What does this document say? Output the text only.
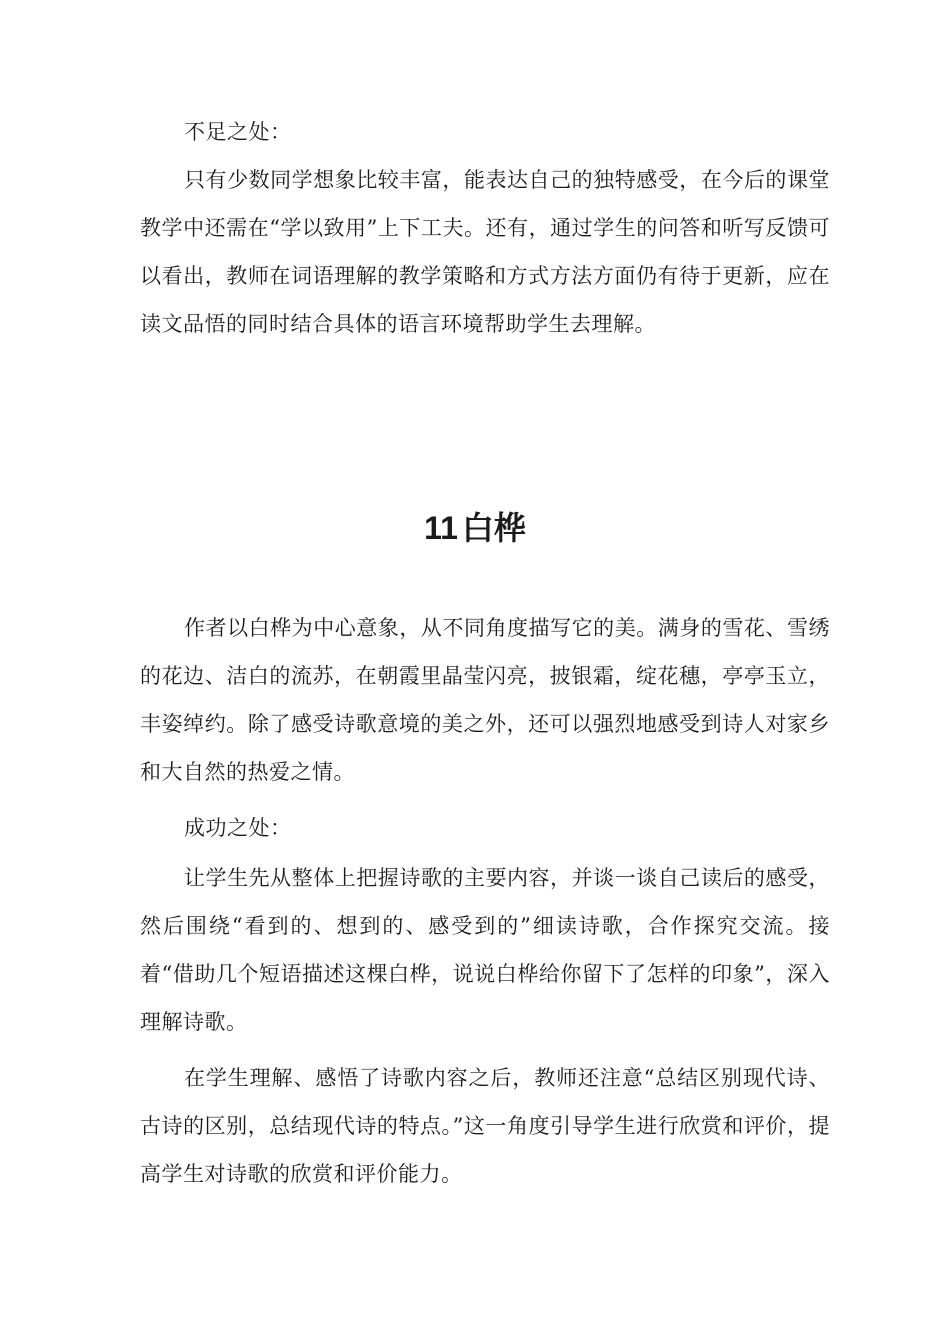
不足之处：

只有少数同学想象比较丰富，能表达自己的独特感受，在今后的课堂教学中还需在“学以致用”上下工夫。还有，通过学生的问答和听写反馈可以看出，教师在词语理解的教学策略和方式方法方面仍有待于更新，应在读文品悟的同时结合具体的语言环境帮助学生去理解。

11 白桦

作者以白桦为中心意象，从不同角度描写它的美。满身的雪花、雪绣的花边、洁白的流苏，在朝霞里晶莹闪亮，披银霜，绽花穗，亭亭玉立，丰姿绰约。除了感受诗歌意境的美之外，还可以强烈地感受到诗人对家乡和大自然的热爱之情。

成功之处：

让学生先从整体上把握诗歌的主要内容，并谈一谈自己读后的感受，然后围绕“看到的、想到的、感受到的”细读诗歌，合作探究交流。接着“借助几个短语描述这棵白桦，说说白桦给你留下了怎样的印象”，深入理解诗歌。

在学生理解、感悟了诗歌内容之后，教师还注意“总结区别现代诗、古诗的区别，总结现代诗的特点。”这一角度引导学生进行欣赏和评价，提高学生对诗歌的欣赏和评价能力。
